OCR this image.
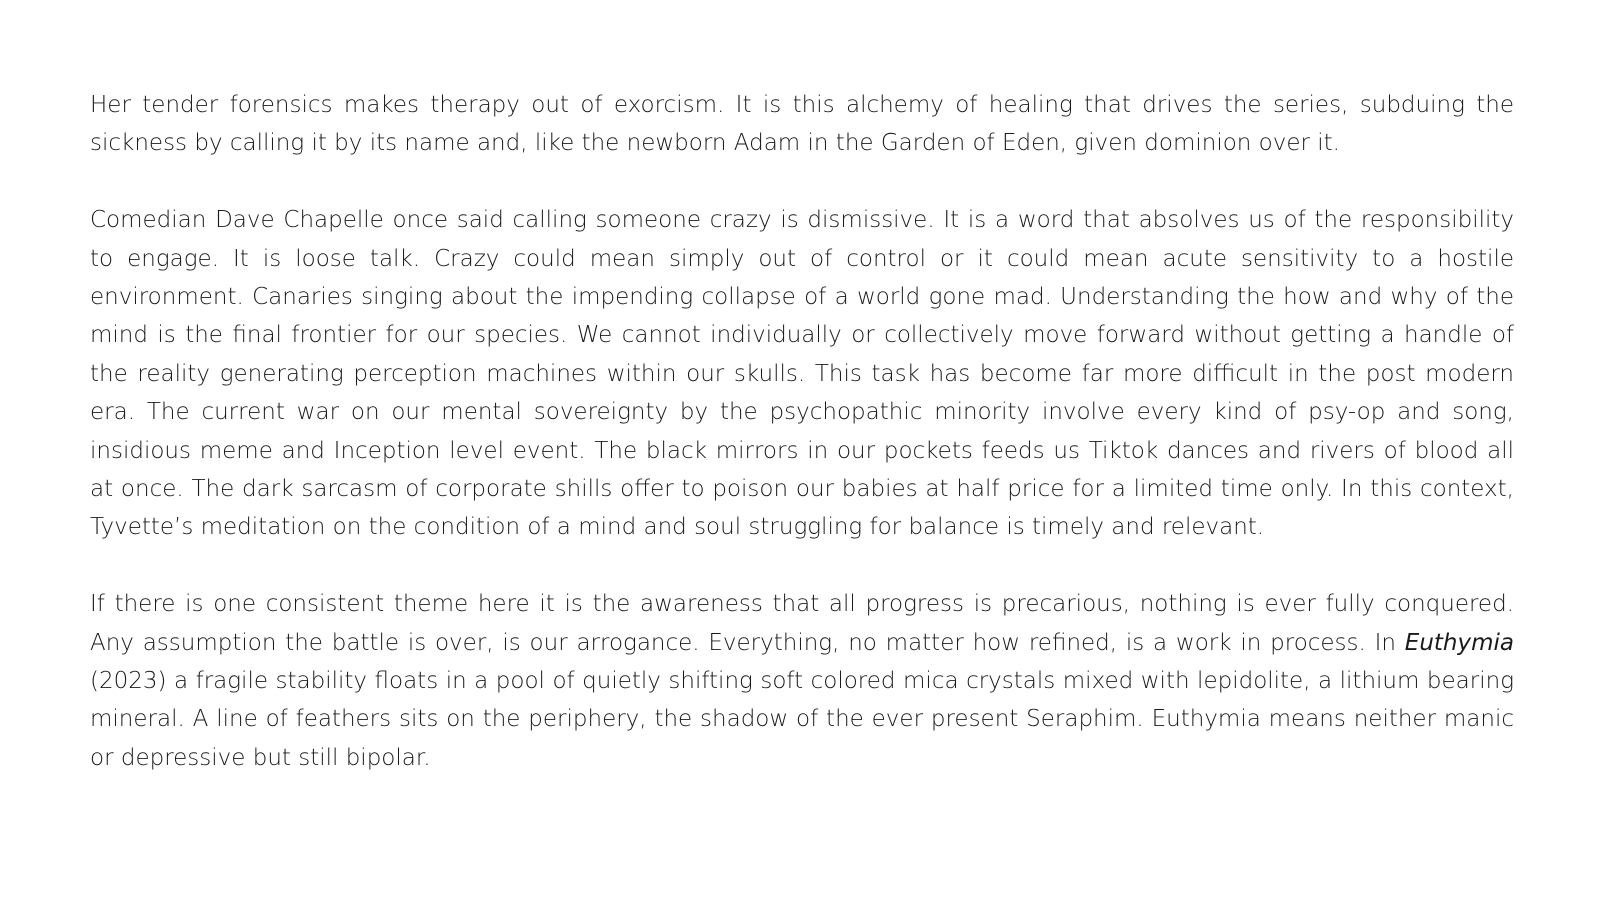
Her tender forensics makes therapy out of exorcism. It is this alchemy of healing that drives the series, subduing the sickness by calling it by its name and, like the newborn Adam in the Garden of Eden, given dominion over it.

Comedian Dave Chapelle once said calling someone crazy is dismissive. It is a word that absolves us of the responsibility to engage. It is loose talk. Crazy could mean simply out of control or it could mean acute sensitivity to a hostile environment. Canaries singing about the impending collapse of a world gone mad. Understanding the how and why of the mind is the final frontier for our species. We cannot individually or collectively move forward without getting a handle of the reality generating perception machines within our skulls. This task has become far more difficult in the post modern era. The current war on our mental sovereignty by the psychopathic minority involve every kind of psy-op and song, insidious meme and Inception level event. The black mirrors in our pockets feeds us Tiktok dances and rivers of blood all at once. The dark sarcasm of corporate shills offer to poison our babies at half price for a limited time only. In this context, Tyvette’s meditation on the condition of a mind and soul struggling for balance is timely and relevant.

If there is one consistent theme here it is the awareness that all progress is precarious, nothing is ever fully conquered. Any assumption the battle is over, is our arrogance. Everything, no matter how refined, is a work in process. In Euthymia (2023) a fragile stability floats in a pool of quietly shifting soft colored mica crystals mixed with lepidolite, a lithium bearing mineral. A line of feathers sits on the periphery, the shadow of the ever present Seraphim. Euthymia means neither manic or depressive but still bipolar.
